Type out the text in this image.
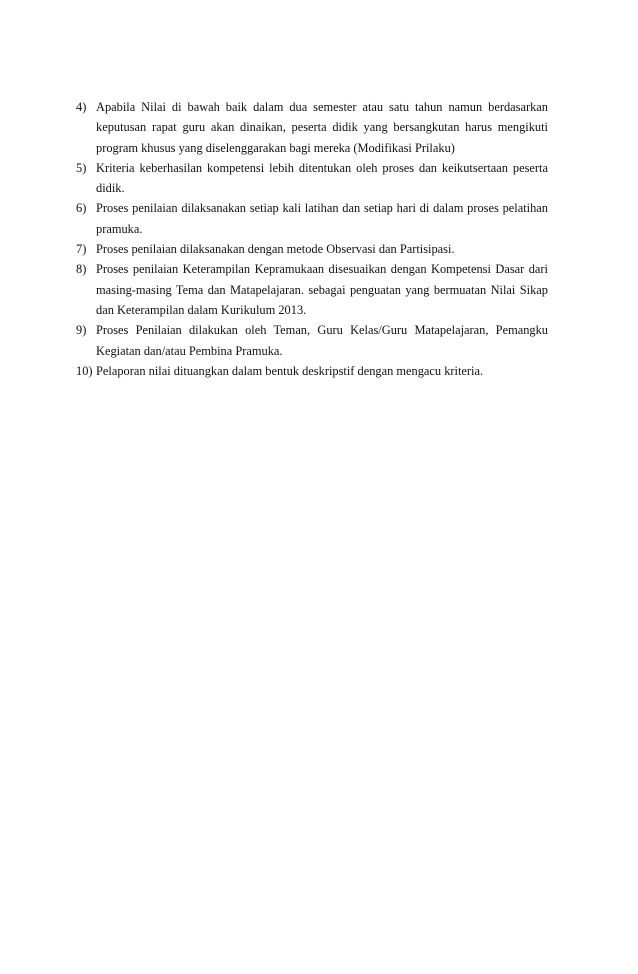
4) Apabila Nilai di bawah baik dalam dua semester atau satu tahun namun berdasarkan keputusan rapat guru akan dinaikan, peserta didik yang bersangkutan harus mengikuti program khusus yang diselenggarakan bagi mereka (Modifikasi Prilaku)
5) Kriteria keberhasilan kompetensi lebih ditentukan oleh proses dan keikutsertaan peserta didik.
6) Proses penilaian dilaksanakan setiap kali latihan dan setiap hari di dalam proses pelatihan pramuka.
7) Proses penilaian dilaksanakan dengan metode Observasi dan Partisipasi.
8) Proses penilaian Keterampilan Kepramukaan disesuaikan dengan Kompetensi Dasar dari masing-masing Tema dan Matapelajaran. sebagai penguatan yang bermuatan Nilai Sikap dan Keterampilan dalam Kurikulum 2013.
9) Proses Penilaian dilakukan oleh Teman, Guru Kelas/Guru Matapelajaran, Pemangku Kegiatan dan/atau Pembina Pramuka.
10) Pelaporan nilai dituangkan dalam bentuk deskripstif dengan mengacu kriteria.
